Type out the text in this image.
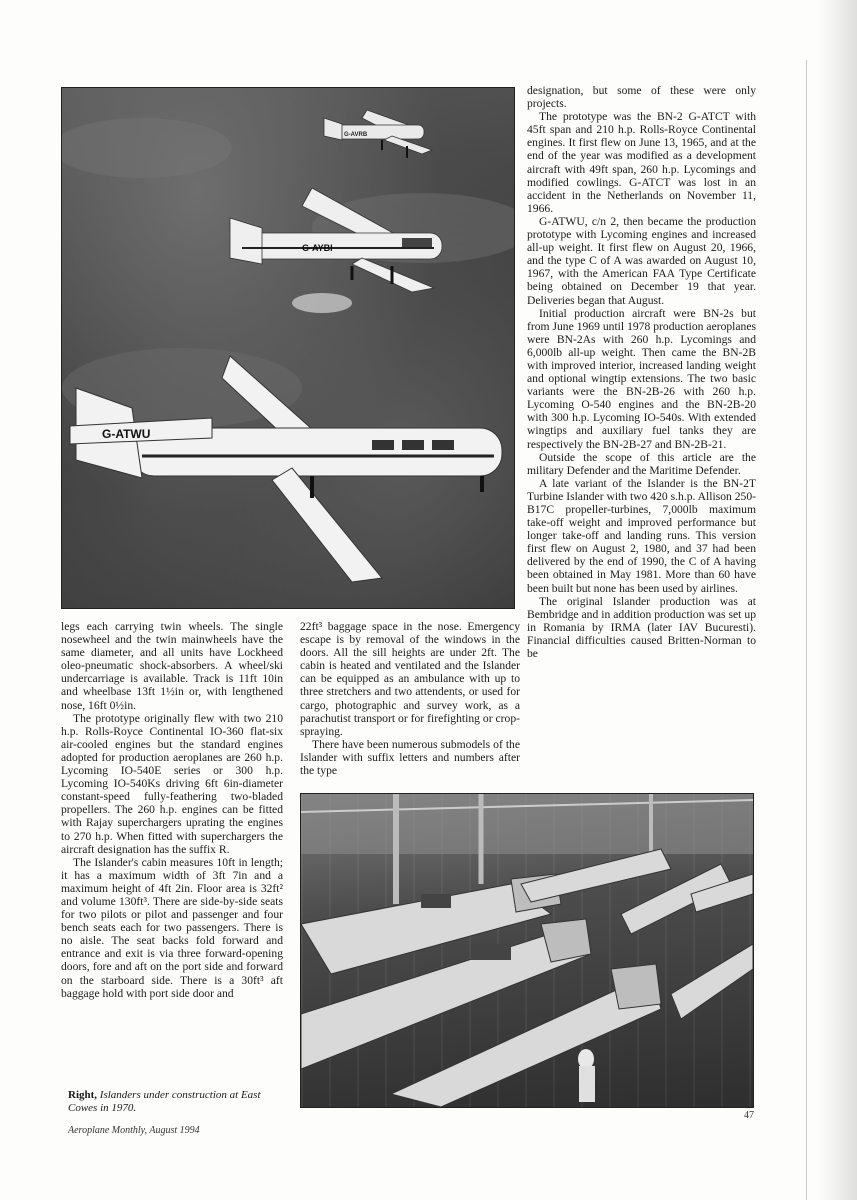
G-AVRB
G-AYBI
G-ATWU

designation, but some of these were only projects.

The prototype was the BN-2 G-ATCT with 45ft span and 210 h.p. Rolls-Royce Continental engines. It first flew on June 13, 1965, and at the end of the year was modified as a development aircraft with 49ft span, 260 h.p. Lycomings and modified cowlings. G-ATCT was lost in an accident in the Netherlands on November 11, 1966.

G-ATWU, c/n 2, then became the production prototype with Lycoming engines and increased all-up weight. It first flew on August 20, 1966, and the type C of A was awarded on August 10, 1967, with the American FAA Type Certificate being obtained on December 19 that year. Deliveries began that August.

Initial production aircraft were BN-2s but from June 1969 until 1978 production aeroplanes were BN-2As with 260 h.p. Lycomings and 6,000lb all-up weight. Then came the BN-2B with improved interior, increased landing weight and optional wingtip extensions. The two basic variants were the BN-2B-26 with 260 h.p. Lycoming O-540 engines and the BN-2B-20 with 300 h.p. Lycoming IO-540s. With extended wingtips and auxiliary fuel tanks they are respectively the BN-2B-27 and BN-2B-21.

Outside the scope of this article are the military Defender and the Maritime Defender.

A late variant of the Islander is the BN-2T Turbine Islander with two 420 s.h.p. Allison 250-B17C propeller-turbines, 7,000lb maximum take-off weight and improved performance but longer take-off and landing runs. This version first flew on August 2, 1980, and 37 had been delivered by the end of 1990, the C of A having been obtained in May 1981. More than 60 have been built but none has been used by airlines.

The original Islander production was at Bembridge and in addition production was set up in Romania by IRMA (later IAV Bucuresti). Financial difficulties caused Britten-Norman to be

legs each carrying twin wheels. The single nosewheel and the twin mainwheels have the same diameter, and all units have Lockheed oleo-pneumatic shock-absorbers. A wheel/ski undercarriage is available. Track is 11ft 10in and wheelbase 13ft 1½in or, with lengthened nose, 16ft 0½in.

The prototype originally flew with two 210 h.p. Rolls-Royce Continental IO-360 flat-six air-cooled engines but the standard engines adopted for production aeroplanes are 260 h.p. Lycoming IO-540E series or 300 h.p. Lycoming IO-540Ks driving 6ft 6in-diameter constant-speed fully-feathering two-bladed propellers. The 260 h.p. engines can be fitted with Rajay superchargers uprating the engines to 270 h.p. When fitted with superchargers the aircraft designation has the suffix R.

The Islander's cabin measures 10ft in length; it has a maximum width of 3ft 7in and a maximum height of 4ft 2in. Floor area is 32ft² and volume 130ft³. There are side-by-side seats for two pilots or pilot and passenger and four bench seats each for two passengers. There is no aisle. The seat backs fold forward and entrance and exit is via three forward-opening doors, fore and aft on the port side and forward on the starboard side. There is a 30ft³ aft baggage hold with port side door and

22ft³ baggage space in the nose. Emergency escape is by removal of the windows in the doors. All the sill heights are under 2ft. The cabin is heated and ventilated and the Islander can be equipped as an ambulance with up to three stretchers and two attendents, or used for cargo, photographic and survey work, as a parachutist transport or for firefighting or crop-spraying.

There have been numerous submodels of the Islander with suffix letters and numbers after the type

Right, Islanders under construction at East Cowes in 1970.
Aeroplane Monthly, August 1994
47
